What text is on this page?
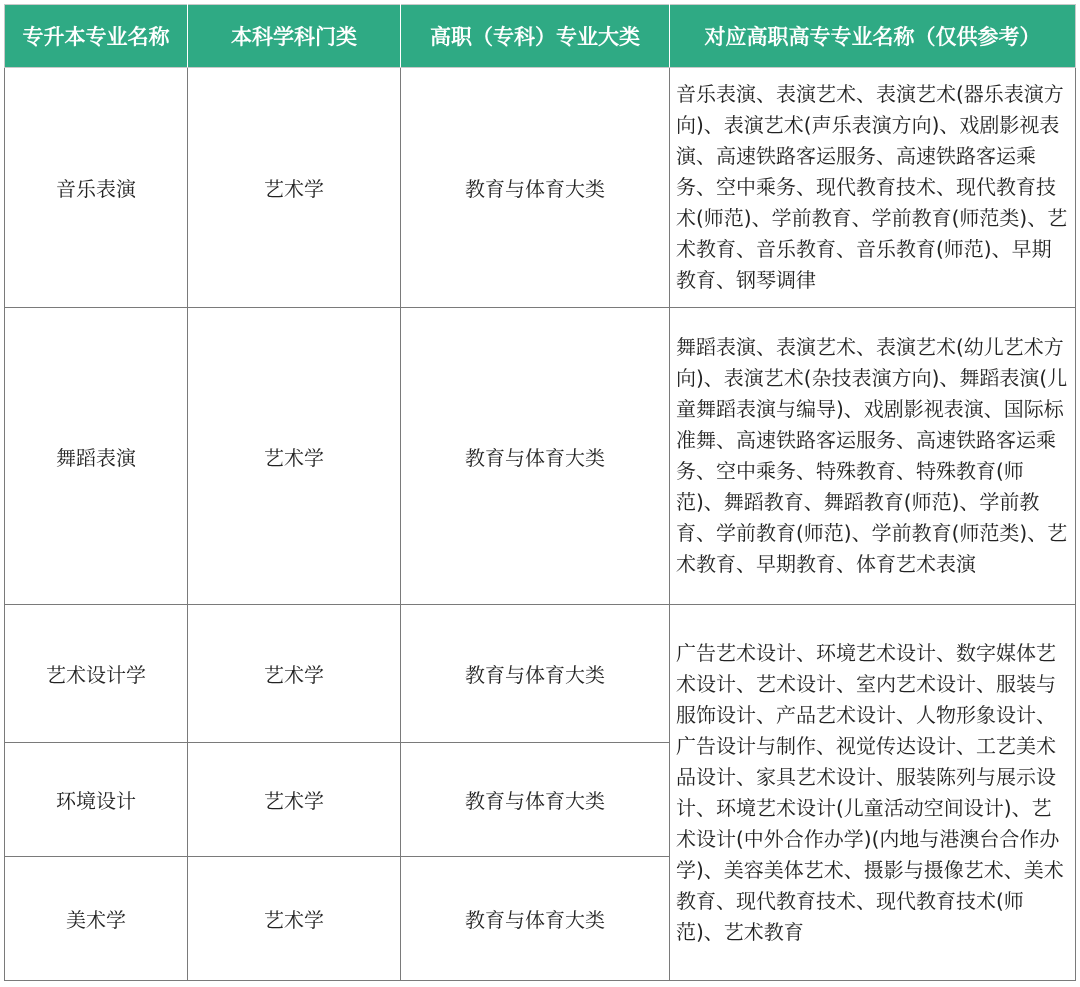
专升本专业名称	本科学科门类	高职（专科）专业大类	对应高职高专专业名称（仅供参考）
音乐表演	艺术学	教育与体育大类	音乐表演、表演艺术、表演艺术(器乐表演方向)、表演艺术(声乐表演方向)、戏剧影视表演、高速铁路客运服务、高速铁路客运乘务、空中乘务、现代教育技术、现代教育技术(师范)、学前教育、学前教育(师范类)、艺术教育、音乐教育、音乐教育(师范)、早期教育、钢琴调律
舞蹈表演	艺术学	教育与体育大类	舞蹈表演、表演艺术、表演艺术(幼儿艺术方向)、表演艺术(杂技表演方向)、舞蹈表演(儿童舞蹈表演与编导)、戏剧影视表演、国际标准舞、高速铁路客运服务、高速铁路客运乘务、空中乘务、特殊教育、特殊教育(师范)、舞蹈教育、舞蹈教育(师范)、学前教育、学前教育(师范)、学前教育(师范类)、艺术教育、早期教育、体育艺术表演
艺术设计学	艺术学	教育与体育大类	广告艺术设计、环境艺术设计、数字媒体艺术设计、艺术设计、室内艺术设计、服装与服饰设计、产品艺术设计、人物形象设计、广告设计与制作、视觉传达设计、工艺美术品设计、家具艺术设计、服装陈列与展示设计、环境艺术设计(儿童活动空间设计)、艺术设计(中外合作办学)(内地与港澳台合作办学)、美容美体艺术、摄影与摄像艺术、美术教育、现代教育技术、现代教育技术(师范)、艺术教育
环境设计	艺术学	教育与体育大类	
美术学	艺术学	教育与体育大类	
